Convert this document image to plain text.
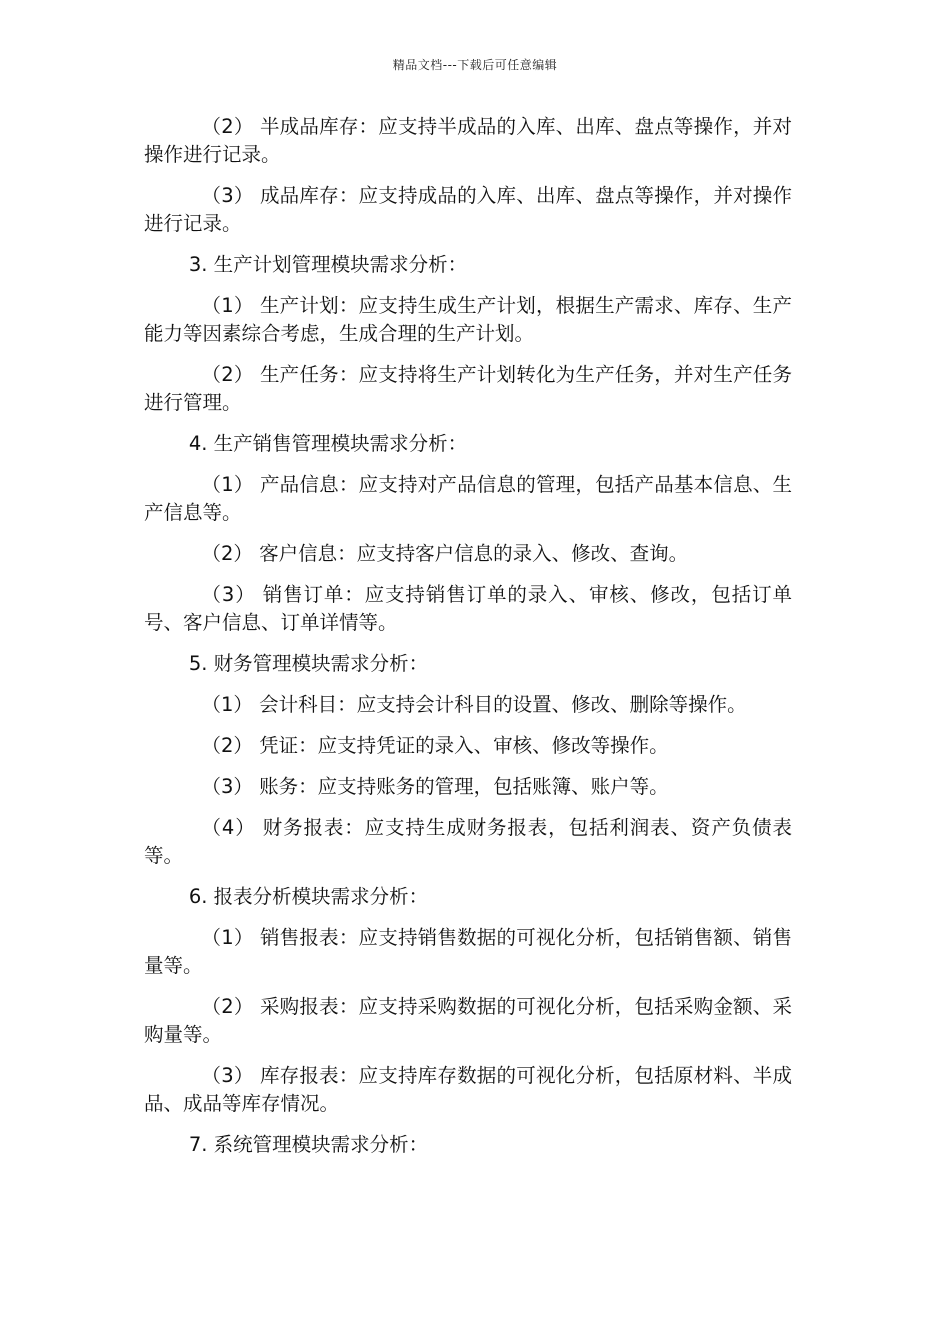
精品文档---下载后可任意编辑

（2） 半成品库存：应支持半成品的入库、出库、盘点等操作，并对操作进行记录。

（3） 成品库存：应支持成品的入库、出库、盘点等操作，并对操作进行记录。

3. 生产计划管理模块需求分析：

（1） 生产计划：应支持生成生产计划，根据生产需求、库存、生产能力等因素综合考虑，生成合理的生产计划。

（2） 生产任务：应支持将生产计划转化为生产任务，并对生产任务进行管理。

4. 生产销售管理模块需求分析：

（1） 产品信息：应支持对产品信息的管理，包括产品基本信息、生产信息等。

（2） 客户信息：应支持客户信息的录入、修改、查询。

（3） 销售订单：应支持销售订单的录入、审核、修改，包括订单号、客户信息、订单详情等。

5. 财务管理模块需求分析：

（1） 会计科目：应支持会计科目的设置、修改、删除等操作。

（2） 凭证：应支持凭证的录入、审核、修改等操作。

（3） 账务：应支持账务的管理，包括账簿、账户等。

（4） 财务报表：应支持生成财务报表，包括利润表、资产负债表等。

6. 报表分析模块需求分析：

（1） 销售报表：应支持销售数据的可视化分析，包括销售额、销售量等。

（2） 采购报表：应支持采购数据的可视化分析，包括采购金额、采购量等。

（3） 库存报表：应支持库存数据的可视化分析，包括原材料、半成品、成品等库存情况。

7. 系统管理模块需求分析：
